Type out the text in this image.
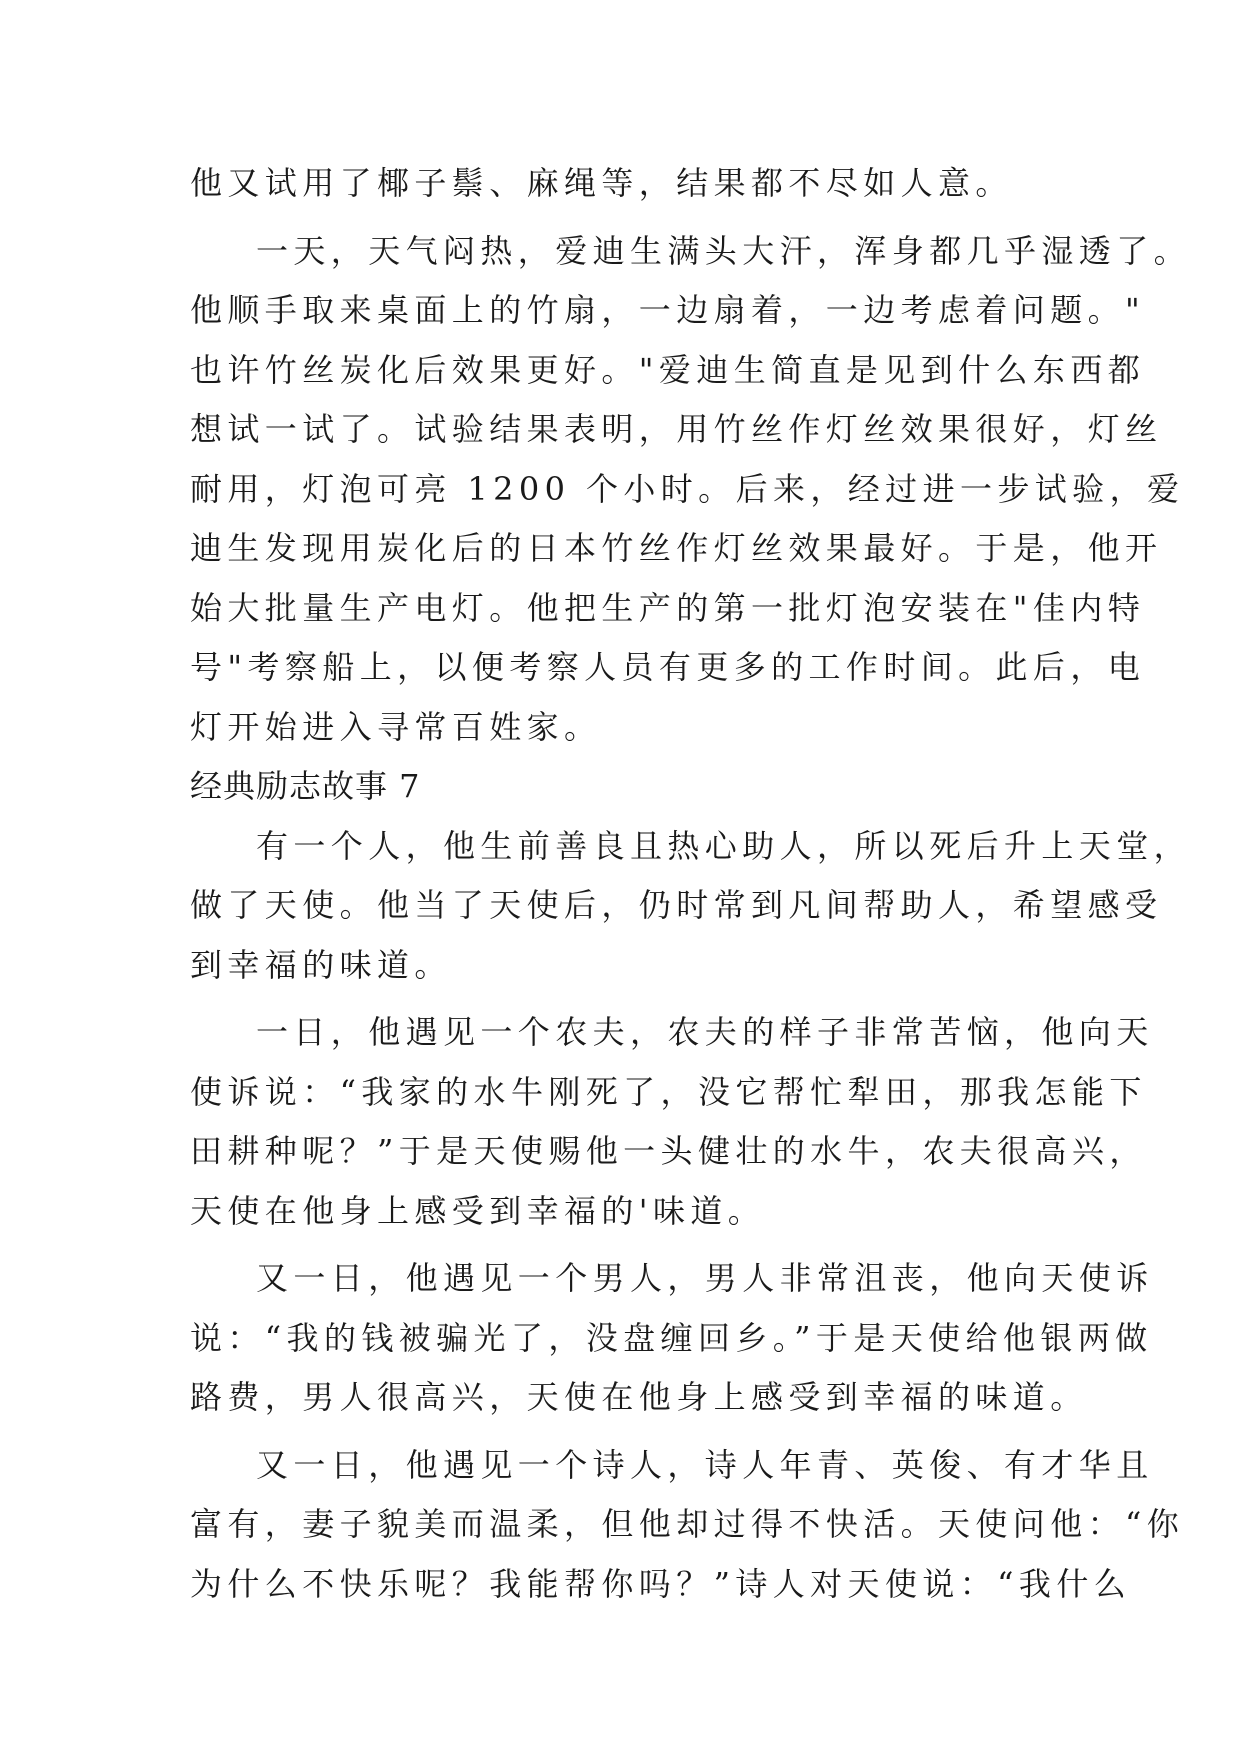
他又试用了椰子鬃、麻绳等，结果都不尽如人意。
一天，天气闷热，爱迪生满头大汗，浑身都几乎湿透了。
他顺手取来桌面上的竹扇，一边扇着，一边考虑着问题。"
也许竹丝炭化后效果更好。"爱迪生简直是见到什么东西都
想试一试了。试验结果表明，用竹丝作灯丝效果很好，灯丝
耐用，灯泡可亮 1200 个小时。后来，经过进一步试验，爱
迪生发现用炭化后的日本竹丝作灯丝效果最好。于是，他开
始大批量生产电灯。他把生产的第一批灯泡安装在"佳内特
号"考察船上，以便考察人员有更多的工作时间。此后，电
灯开始进入寻常百姓家。
经典励志故事 7
有一个人，他生前善良且热心助人，所以死后升上天堂，
做了天使。他当了天使后，仍时常到凡间帮助人，希望感受
到幸福的味道。
一日，他遇见一个农夫，农夫的样子非常苦恼，他向天
使诉说：“我家的水牛刚死了，没它帮忙犁田，那我怎能下
田耕种呢？”于是天使赐他一头健壮的水牛，农夫很高兴，
天使在他身上感受到幸福的'味道。
又一日，他遇见一个男人，男人非常沮丧，他向天使诉
说：“我的钱被骗光了，没盘缠回乡。”于是天使给他银两做
路费，男人很高兴，天使在他身上感受到幸福的味道。
又一日，他遇见一个诗人，诗人年青、英俊、有才华且
富有，妻子貌美而温柔，但他却过得不快活。天使问他：“你
为什么不快乐呢？我能帮你吗？”诗人对天使说：“我什么
